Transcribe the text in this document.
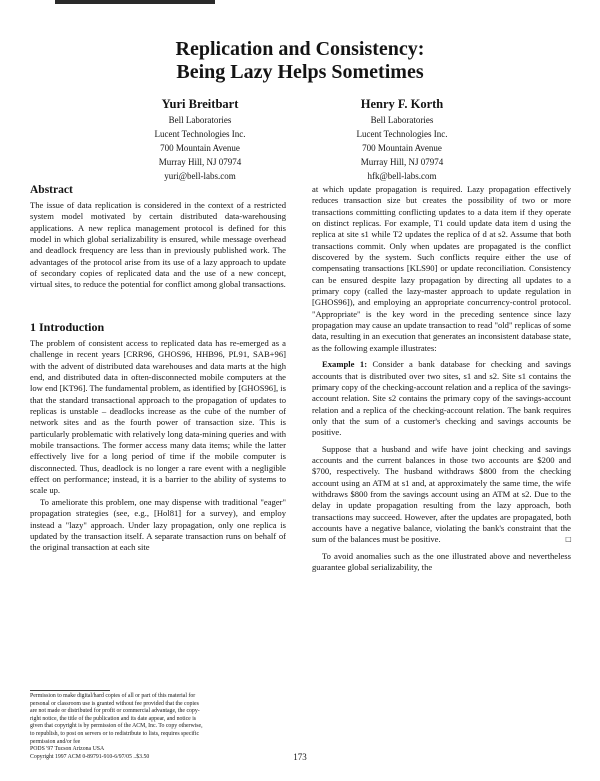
Replication and Consistency:
Being Lazy Helps Sometimes
Yuri Breitbart
Bell Laboratories
Lucent Technologies Inc.
700 Mountain Avenue
Murray Hill, NJ 07974
yuri@bell-labs.com
Henry F. Korth
Bell Laboratories
Lucent Technologies Inc.
700 Mountain Avenue
Murray Hill, NJ 07974
hfk@bell-labs.com
Abstract

The issue of data replication is considered in the context of a restricted system model motivated by certain distributed data-warehousing applications. A new replica management protocol is defined for this model in which global serializability is ensured, while message overhead and deadlock frequency are less than in previously published work. The advantages of the protocol arise from its use of a lazy approach to update of secondary copies of replicated data and the use of a new concept, virtual sites, to reduce the potential for conflict among global transactions.

1 Introduction

The problem of consistent access to replicated data has re-emerged as a challenge in recent years [CRR96, GHOS96, HHB96, PL91, SAB+96] with the advent of distributed data warehouses and data marts at the high end, and distributed data in often-disconnected mobile computers at the low end [KT96]. The fundamental problem, as identified by [GHOS96], is that the standard transactional approach to the propagation of updates to replicas is unstable – deadlocks increase as the cube of the number of network sites and as the fourth power of transaction size. This is particularly problematic with relatively long data-mining queries and with mobile transactions. The former access many data items; while the latter effectively live for a long period of time if the mobile computer is disconnected. Thus, deadlock is no longer a rare event with a negligible effect on performance; instead, it is a barrier to the ability of systems to scale up.

To ameliorate this problem, one may dispense with traditional "eager" propagation strategies (see, e.g., [Hol81] for a survey), and employ instead a "lazy" approach. Under lazy propagation, only one replica is updated by the transaction itself. A separate transaction runs on behalf of the original transaction at each site

at which update propagation is required. Lazy propagation effectively reduces transaction size but creates the possibility of two or more transactions committing conflicting updates to a data item if they operate on distinct replicas. For example, T1 could update data item d using the replica at site s1 while T2 updates the replica of d at s2. Assume that both transactions commit. Only when updates are propagated is the conflict discovered by the system. Such conflicts require either the use of compensating transactions [KLS90] or update reconciliation. Consistency can be ensured despite lazy propagation by directing all updates to a primary copy (called the lazy-master approach to update regulation in [GHOS96]), and employing an appropriate concurrency-control protocol. "Appropriate" is the key word in the preceding sentence since lazy propagation may cause an update transaction to read "old" replicas of some data, resulting in an execution that generates an inconsistent database state, as the following example illustrates:

Example 1: Consider a bank database for checking and savings accounts that is distributed over two sites, s1 and s2. Site s1 contains the primary copy of the checking-account relation and a replica of the savings-account relation. Site s2 contains the primary copy of the savings-account relation and a replica of the checking-account relation. The bank requires only that the sum of a customer's checking and savings accounts be positive.

Suppose that a husband and wife have joint checking and savings accounts and the current balances in those two accounts are $200 and $700, respectively. The husband withdraws $800 from the checking account using an ATM at s1 and, at approximately the same time, the wife withdraws $800 from the savings account using an ATM at s2. Due to the delay in update propagation resulting from the lazy approach, both transactions may succeed. However, after the updates are propagated, both accounts have a negative balance, violating the bank's constraint that the sum of the balances must be positive.	□

To avoid anomalies such as the one illustrated above and nevertheless guarantee global serializability, the

Permission to make digital/hard copies of all or part of this material for

personal or classroom use is granted without fee provided that the copies

are not made or distributed for profit or commercial advantage, the copy-

right notice, the title of the publication and its date appear, and notice is

given that copyright is by permission of the ACM, Inc. To copy otherwise,

to republish, to post on servers or to redistribute to lists, requires specific

permission and/or fee

PODS '97 Tucson Arizona USA

Copyright 1997 ACM 0-89791-910-6/97/05 ..$3.50	173
